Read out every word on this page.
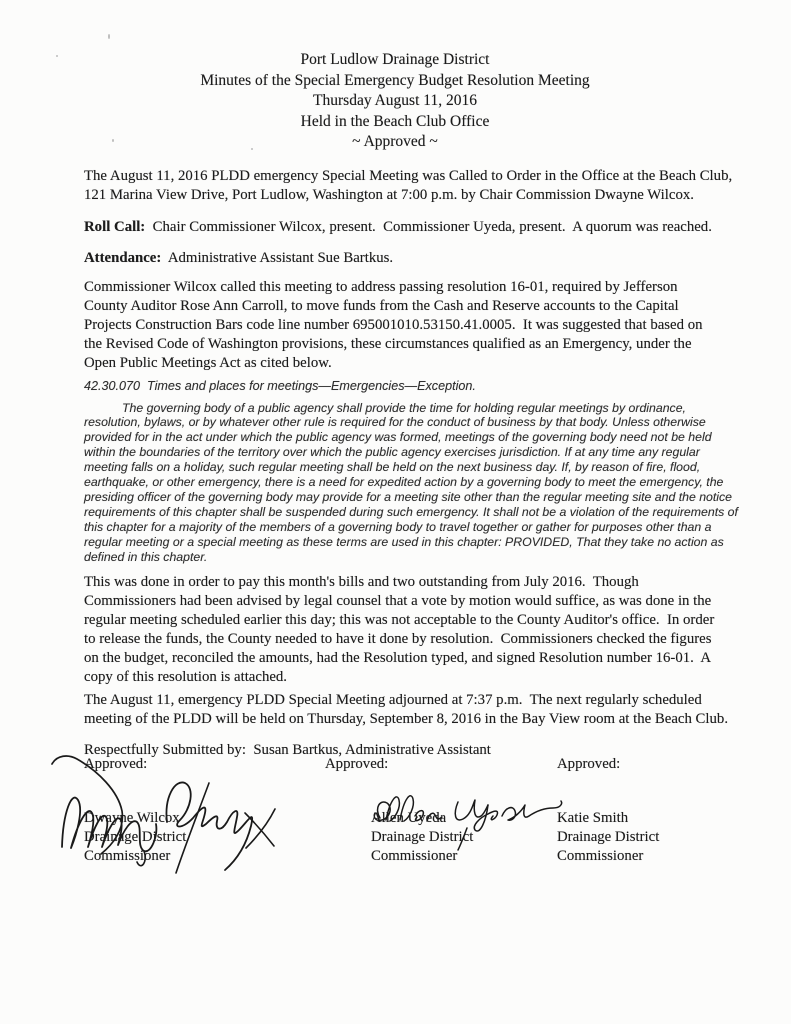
Port Ludlow Drainage District
Minutes of the Special Emergency Budget Resolution Meeting
Thursday August 11, 2016
Held in the Beach Club Office
~ Approved ~

The August 11, 2016 PLDD emergency Special Meeting was Called to Order in the Office at the Beach Club, 121 Marina View Drive, Port Ludlow, Washington at 7:00 p.m. by Chair Commission Dwayne Wilcox.

Roll Call:  Chair Commissioner Wilcox, present.  Commissioner Uyeda, present.  A quorum was reached.

Attendance:  Administrative Assistant Sue Bartkus.

Commissioner Wilcox called this meeting to address passing resolution 16-01, required by Jefferson County Auditor Rose Ann Carroll, to move funds from the Cash and Reserve accounts to the Capital Projects Construction Bars code line number 695001010.53150.41.0005.  It was suggested that based on the Revised Code of Washington provisions, these circumstances qualified as an Emergency, under the Open Public Meetings Act as cited below.

42.30.070  Times and places for meetings—Emergencies—Exception.

The governing body of a public agency shall provide the time for holding regular meetings by ordinance, resolution, bylaws, or by whatever other rule is required for the conduct of business by that body. Unless otherwise provided for in the act under which the public agency was formed, meetings of the governing body need not be held within the boundaries of the territory over which the public agency exercises jurisdiction. If at any time any regular meeting falls on a holiday, such regular meeting shall be held on the next business day. If, by reason of fire, flood, earthquake, or other emergency, there is a need for expedited action by a governing body to meet the emergency, the presiding officer of the governing body may provide for a meeting site other than the regular meeting site and the notice requirements of this chapter shall be suspended during such emergency. It shall not be a violation of the requirements of this chapter for a majority of the members of a governing body to travel together or gather for purposes other than a regular meeting or a special meeting as these terms are used in this chapter: PROVIDED, That they take no action as defined in this chapter.

This was done in order to pay this month's bills and two outstanding from July 2016.  Though Commissioners had been advised by legal counsel that a vote by motion would suffice, as was done in the regular meeting scheduled earlier this day; this was not acceptable to the County Auditor's office.  In order to release the funds, the County needed to have it done by resolution.  Commissioners checked the figures on the budget, reconciled the amounts, had the Resolution typed, and signed Resolution number 16-01.  A copy of this resolution is attached.

The August 11, emergency PLDD Special Meeting adjourned at 7:37 p.m.  The next regularly scheduled meeting of the PLDD will be held on Thursday, September 8, 2016 in the Bay View room at the Beach Club.

Respectfully Submitted by:  Susan Bartkus, Administrative Assistant

Approved:
Dwayne Wilcox
Drainage District
Commissioner
Approved:
Allen Uyeda
Drainage District
Commissioner
Approved:
Katie Smith
Drainage District
Commissioner
